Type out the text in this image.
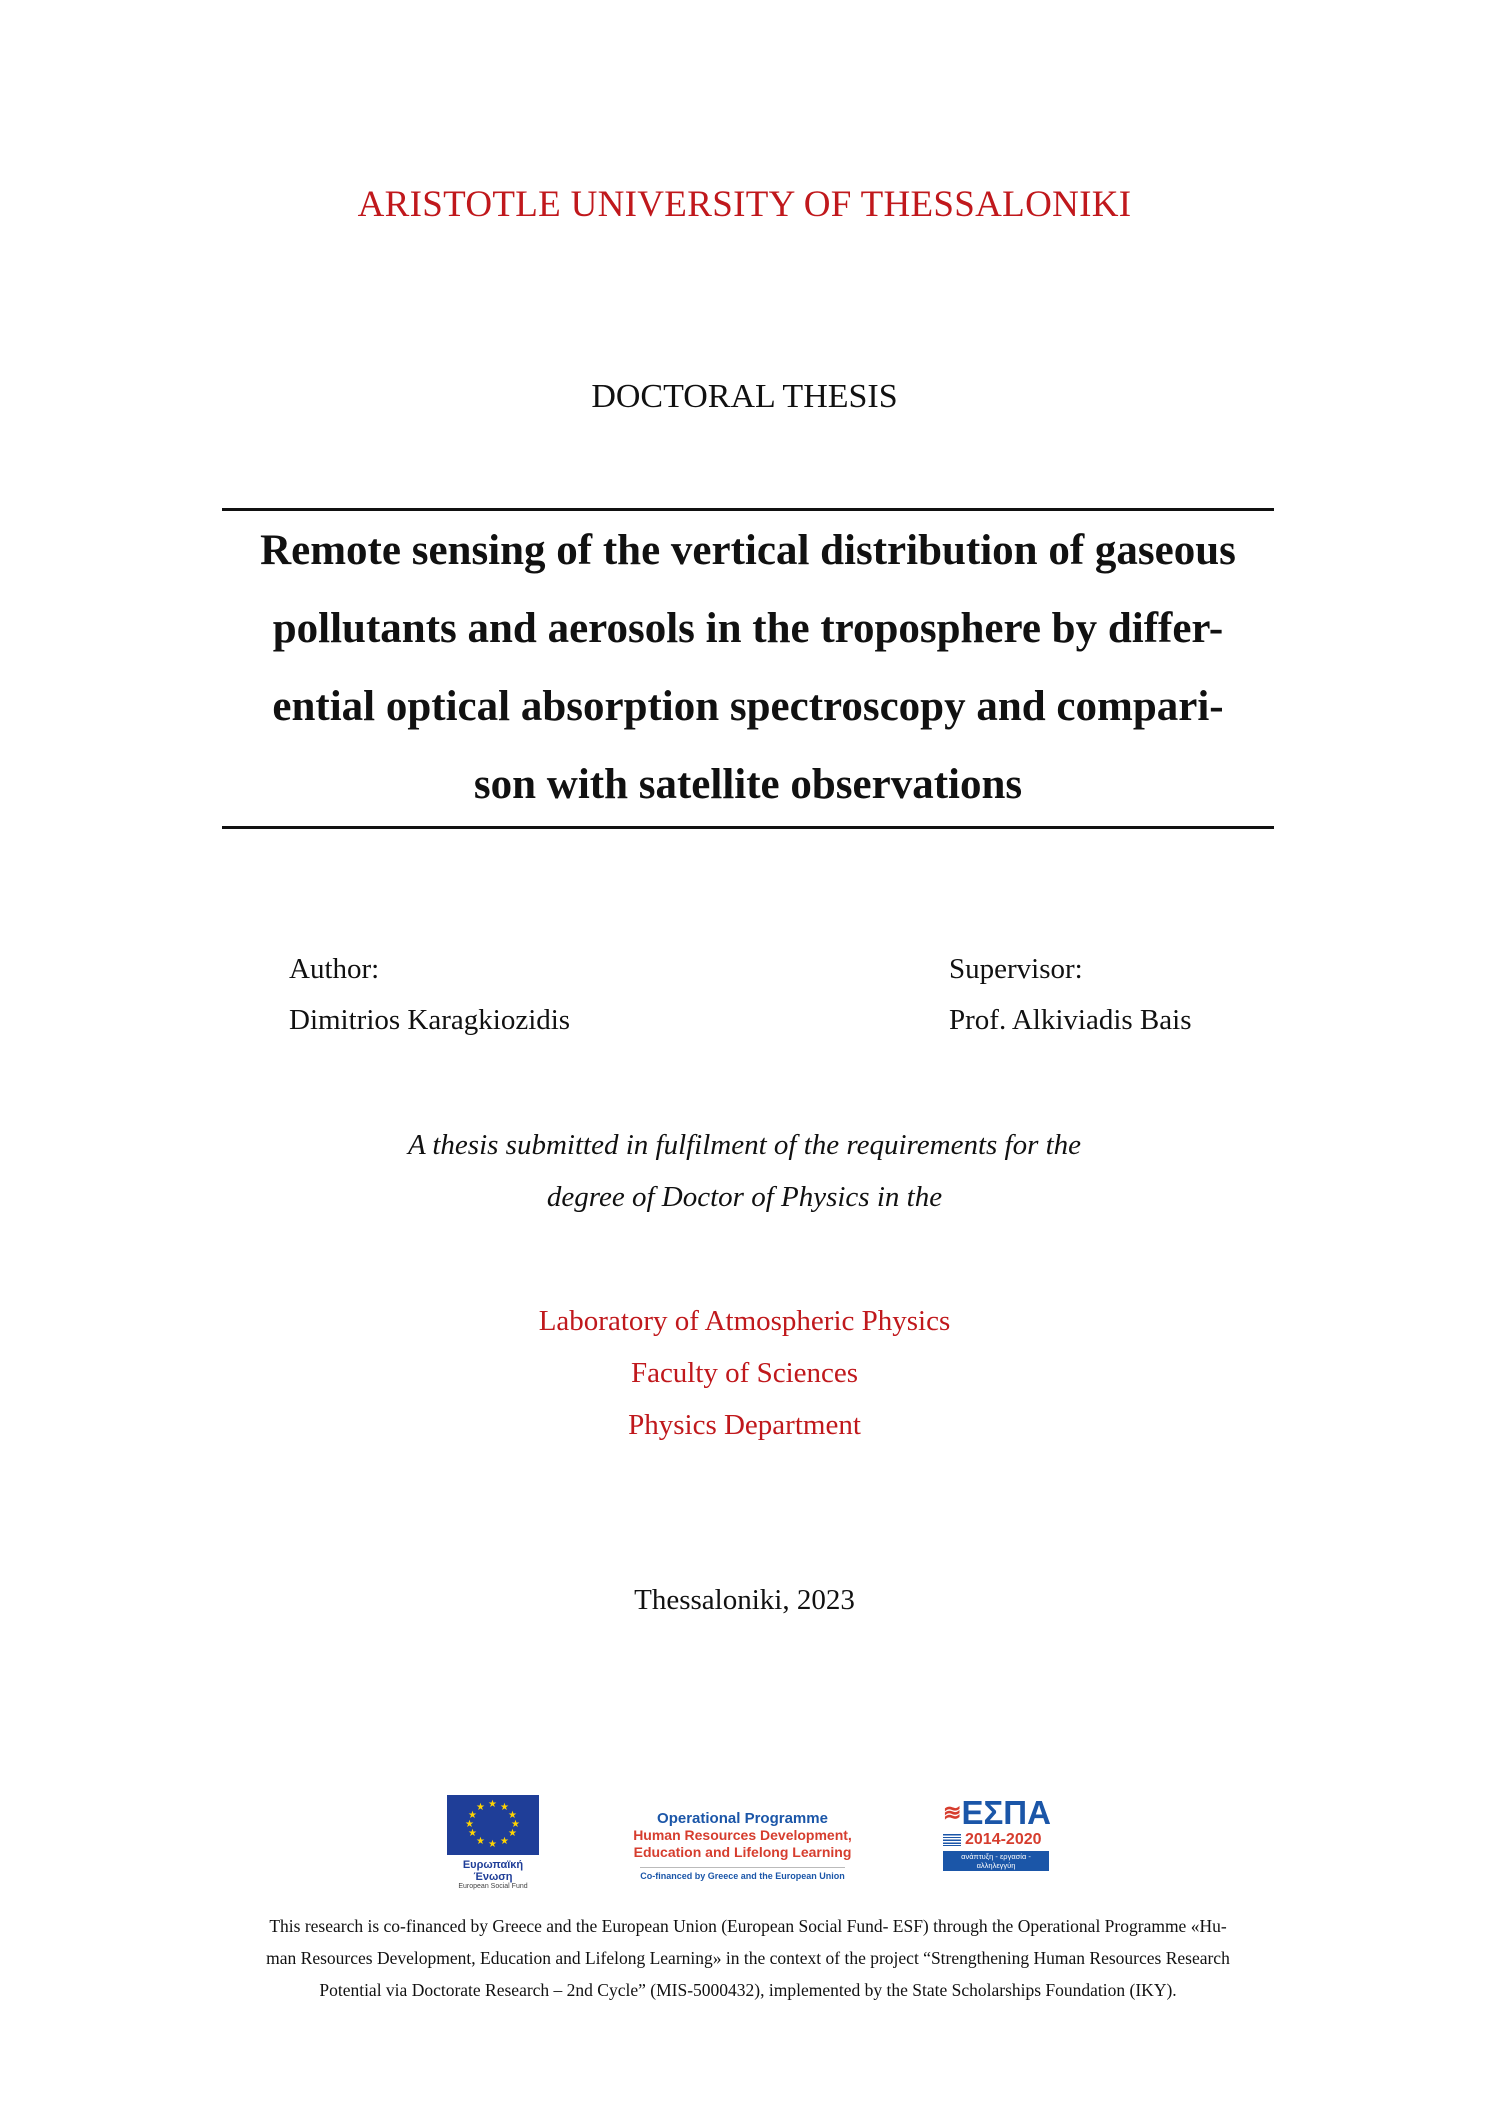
ARISTOTLE UNIVERSITY OF THESSALONIKI
DOCTORAL THESIS
Remote sensing of the vertical distribution of gaseous
pollutants and aerosols in the troposphere by differ-
ential optical absorption spectroscopy and compari-
son with satellite observations
Author:
Dimitrios Karagkiozidis
Supervisor:
Prof. Alkiviadis Bais
A thesis submitted in fulfilment of the requirements for the
degree of Doctor of Physics in the
Laboratory of Atmospheric Physics
Faculty of Sciences
Physics Department
Thessaloniki, 2023
★ ★
★
★
★
★
★
★
★
★
★
★
Ευρωπαϊκή Ένωση
European Social Fund
Operational Programme
Human Resources Development,
Education and Lifelong Learning
Co-financed by Greece and the European Union
≋ΕΣΠΑ
2014-2020
ανάπτυξη - εργασία - αλληλεγγύη
This research is co-financed by Greece and the European Union (European Social Fund- ESF) through the Operational Programme «Hu-
man Resources Development, Education and Lifelong Learning» in the context of the project “Strengthening Human Resources Research
Potential via Doctorate Research – 2nd Cycle” (MIS-5000432), implemented by the State Scholarships Foundation (IKY).
